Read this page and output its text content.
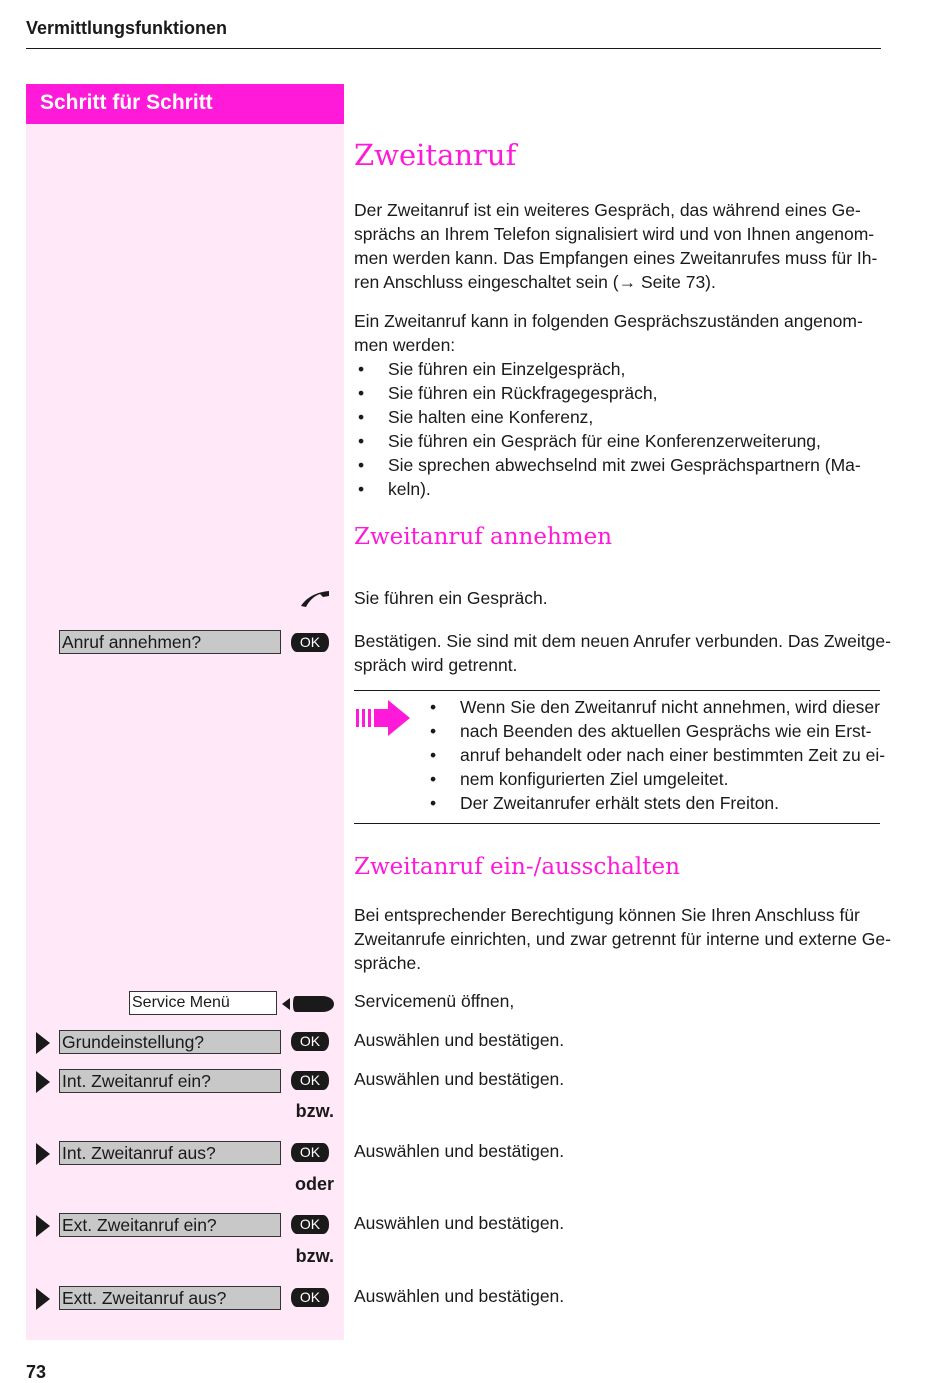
Vermittlungsfunktionen
Schritt für Schritt
Zweitanruf
Der Zweitanruf ist ein weiteres Gespräch, das während eines Ge-
sprächs an Ihrem Telefon signalisiert wird und von Ihnen angenom-
men werden kann. Das Empfangen eines Zweitanrufes muss für Ih-
ren Anschluss eingeschaltet sein (→ Seite 73).
Ein Zweitanruf kann in folgenden Gesprächszuständen angenom-
men werden:
• Sie führen ein Einzelgespräch,
• Sie führen ein Rückfragegespräch,
• Sie halten eine Konferenz,
• Sie führen ein Gespräch für eine Konferenzerweiterung,
• Sie sprechen abwechselnd mit zwei Gesprächspartnern (Ma-
• keln).
Zweitanruf annehmen
Sie führen ein Gespräch.
Anruf annehmen?	OK	Bestätigen. Sie sind mit dem neuen Anrufer verbunden. Das Zweitge-
spräch wird getrennt.
• Wenn Sie den Zweitanruf nicht annehmen, wird dieser
• nach Beenden des aktuellen Gesprächs wie ein Erst-
• anruf behandelt oder nach einer bestimmten Zeit zu ei-
• nem konfigurierten Ziel umgeleitet.
• Der Zweitanrufer erhält stets den Freiton.
Zweitanruf ein-/ausschalten
Bei entsprechender Berechtigung können Sie Ihren Anschluss für
Zweitanrufe einrichten, und zwar getrennt für interne und externe Ge-
spräche.
Service Menü	Servicemenü öffnen,
Grundeinstellung?	OK	Auswählen und bestätigen.
Int. Zweitanruf ein?	OK	Auswählen und bestätigen.
bzw.
Int. Zweitanruf aus?	OK	Auswählen und bestätigen.
oder
Ext. Zweitanruf ein?	OK	Auswählen und bestätigen.
bzw.
Extt. Zweitanruf aus?	OK	Auswählen und bestätigen.
73
